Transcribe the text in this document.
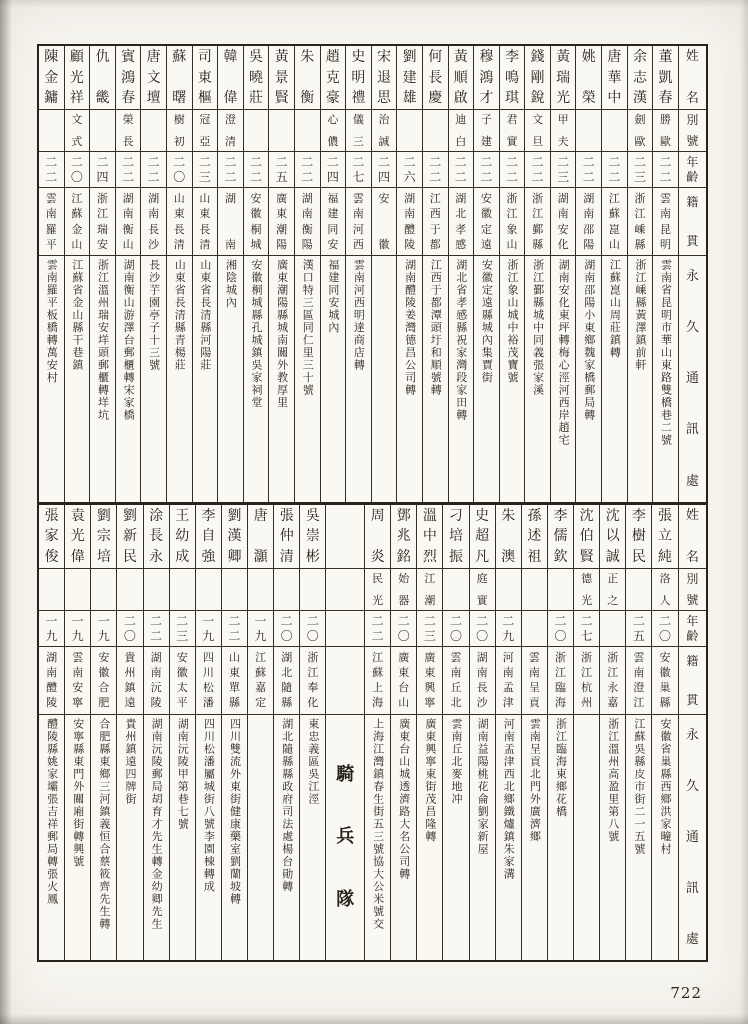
陳
金
鏞
二
二
雲
南
羅
平
雲南羅平板橋轉萬安村
顧
光
祥
文
式
二
〇
江
蘇
金
山
江蘇省金山縣干巷鎮
仇
畿
二
四
浙
江
瑞
安
浙江溫州瑞安垟頭郵櫃轉垟坑
賓
鴻
春
榮
長
二
二
湖
南
衡
山
湖南衡山游澤台郵櫃轉宋家橋
唐
文
壇
二
二
湖
南
長
沙
長沙芋園亭子十三號
蘇
曙
樹
初
二
〇
山
東
長
清
山東省長清縣青楊莊
司
東
樞
冠
亞
二
三
山
東
長
清
山東省長清縣河陽莊
韓
偉
澄
清
二
二
湖
南
湘陰城內
吳
曉
莊
二
二
安
徽
桐
城
安徽桐城縣孔城鎮吳家祠堂
黃
景
賢
二
五
廣
東
潮
陽
廣東潮陽縣城南關外教厚里
朱
衡
二
二
湖
南
衡
陽
漢口特三區同仁里三十號
趙
克
豪
心
儂
二
四
福
建
同
安
福建同安城內
史
明
禮
儀
三
二
七
雲
南
河
西
雲南河西明達商店轉
宋
退
思
治
誠
二
四
安
徽
劉
建
雄
二
六
湖
南
醴
陵
湖南醴陵姜灣德昌公司轉
何
長
慶
二
二
江
西
于
都
江西于都潭頭圩和順號轉
黃
順
啟
迪
白
二
二
湖
北
孝
感
湖北省孝感縣祝家灣段家田轉
穆
鴻
才
子
建
二
二
安
徽
定
遠
安徽定遠縣城內集賈街
李
鳴
琪
君
實
二
二
浙
江
象
山
浙江象山城中裕茂寶號
錢
剛
銳
文
旦
二
二
浙
江
鄞
縣
浙江鄞縣城中同義張家溪
黃
瑞
光
甲
夫
二
三
湖
南
安
化
湖南安化東坪轉梅心涇河西岸趙宅
姚
榮
二
二
湖
南
邵
陽
湖南邵陽小東鄉魏家橋郵局轉
唐
華
中
二
二
江
蘇
崑
山
江蘇崑山周莊鎮轉
余
志
漢
劍
歐
二
三
浙
江
嵊
縣
浙江嵊縣黃澤鎮前軒
董
凱
春
勝
歐
二
二
雲
南
昆
明
雲南省昆明市華山東路雙橋巷二號
姓
名
別
號
年
齡
籍
貫
永
久
通
訊
處
張
家
俊
一
九
湖
南
醴
陵
醴陵縣姚家壩張吉祥郵局轉張火鳳
袁
光
偉
一
九
雲
南
安
寧
安寧縣東門外關廂街轉興號
劉
宗
培
一
九
安
徽
合
肥
合肥縣東鄉三河鎮義恒合蔡筱齊先生轉
劉
新
民
二
〇
貴
州
鎮
遠
貴州鎮遠四牌街
涂
長
永
二
二
湖
南
沅
陵
湖南沅陵郵局胡育才先生轉金幼卿先生
王
幼
成
二
三
安
徽
太
平
湖南沅陵甲第巷七號
李
自
強
一
九
四
川
松
潘
四川松潘屬城街八號李園棟轉成
劉
漢
卿
二
二
山
東
單
縣
四川雙流外東街健康藥室劉蘭坡轉
唐
灝
一
九
江
蘇
嘉
定
張
仲
清
二
〇
湖
北
隨
縣
湖北隨縣縣政府司法處楊台勛轉
吳
崇
彬
二
〇
浙
江
奉
化
東忠義區吳江涇 騎
兵
隊
周
炎
民
光
二
二
江
蘇
上
海
上海江灣鎮春生街五三號協大公米號交
鄧
兆
銘
始
器
二
〇
廣
東
台
山
廣東台山城透濟路大名公司轉
溫
中
烈
江
潮
二
三
廣
東
興
寧
廣東興寧東街茂昌隆轉
刁
培
振
二
〇
雲
南
丘
北
雲南丘北麥地冲
史
超
凡
庭
實
二
〇
湖
南
長
沙
湖南益陽桃花侖劉家新屋
朱
澳
二
九
河
南
孟
津
河南孟津西北鄉鐵爐鎮朱家溝
孫
述
祖
雲
南
呈
貢
雲南呈貢北門外廣濟鄉
李
儒
欽
二
〇
浙
江
臨
海
浙江臨海東鄉花橋
沈
伯
賢
德
光
二
七
浙
江
杭
州
沈
以
誠
正
之
浙
江
永
嘉
浙江溫州高盈里第八號
李
樹
民
二
五
雲
南
澄
江
江蘇吳縣皮市街二一五號
張
立
純
洛
人
二
〇
安
徽
巢
縣
安徽省巢縣西鄉洪家疃村
姓
名
別
號
年
齡
籍
貫
永
久
通
訊
處
722
